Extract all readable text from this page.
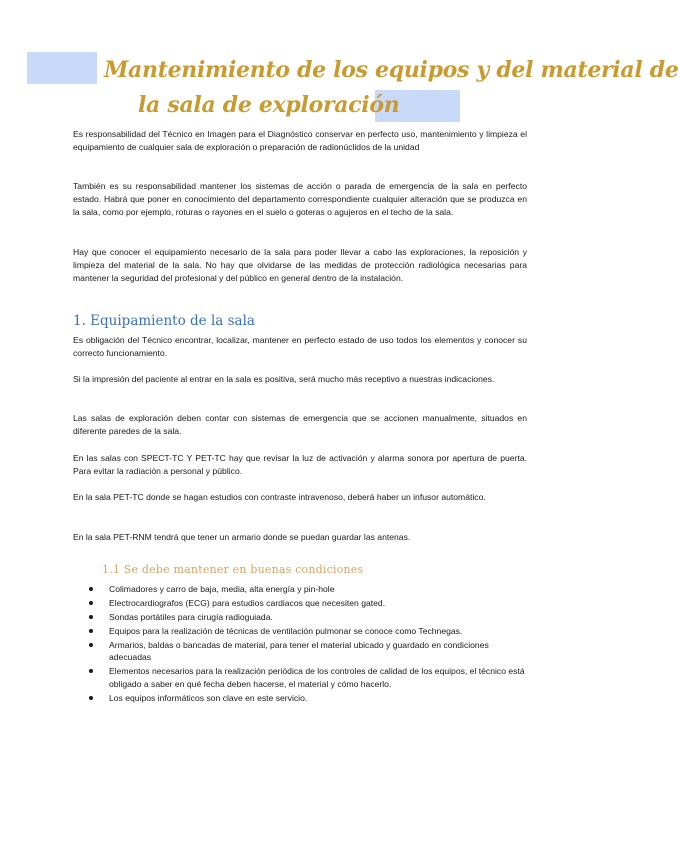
Mantenimiento de los equipos y del material de
la sala de exploración

Es responsabilidad del Técnico en Imagen para el Diagnóstico conservar en perfecto uso, mantenimiento y limpieza el equipamiento de cualquier sala de exploración o preparación de radionúclidos de la unidad

También es su responsabilidad mantener los sistemas de acción o parada de emergencia de la sala en perfecto estado. Habrá que poner en conocimiento del departamento correspondiente cualquier alteración que se produzca en la sala, como por ejemplo, roturas o rayones en el suelo o goteras o agujeros en el techo de la sala.

Hay que conocer el equipamiento necesario de la sala para poder llevar a cabo las exploraciones, la reposición y limpieza del material de la sala. No hay que olvidarse de las medidas de protección radiológica necesarias para mantener la seguridad del profesional y del público en general dentro de la instalación.

1. Equipamiento de la sala

Es obligación del Técnico encontrar, localizar, mantener en perfecto estado de uso todos los elementos y conocer su correcto funcionamiento.

Si la impresión del paciente al entrar en la sala es positiva, será mucho más receptivo a nuestras indicaciones.

Las salas de exploración deben contar con sistemas de emergencia que se accionen manualmente, situados en diferente paredes de la sala.

En las salas con SPECT-TC Y PET-TC hay que revisar la luz de activación y alarma sonora por apertura de puerta. Para evitar la radiación a personal y público.

En la sala PET-TC donde se hagan estudios con contraste intravenoso, deberá haber un infusor automático.

En la sala PET-RNM tendrá que tener un armario donde se puedan guardar las antenas.

1.1 Se debe mantener en buenas condiciones
Colimadores y carro de baja, media, alta energía y pin-hole
Electrocardiografos (ECG) para estudios cardiacos que necesiten gated.
Sondas portátiles para cirugía radioguiada.
Equipos para la realización de técnicas de ventilación pulmonar se conoce como Technegas.
Armarios, baldas o bancadas de material, para tener el material ubicado y guardado en condiciones adecuadas
Elementos necesarios para la realización periódica de los controles de calidad de los equipos, el técnico está obligado a saber en qué fecha deben hacerse, el material y cómo hacerlo.
Los equipos informáticos son clave en este servicio.
